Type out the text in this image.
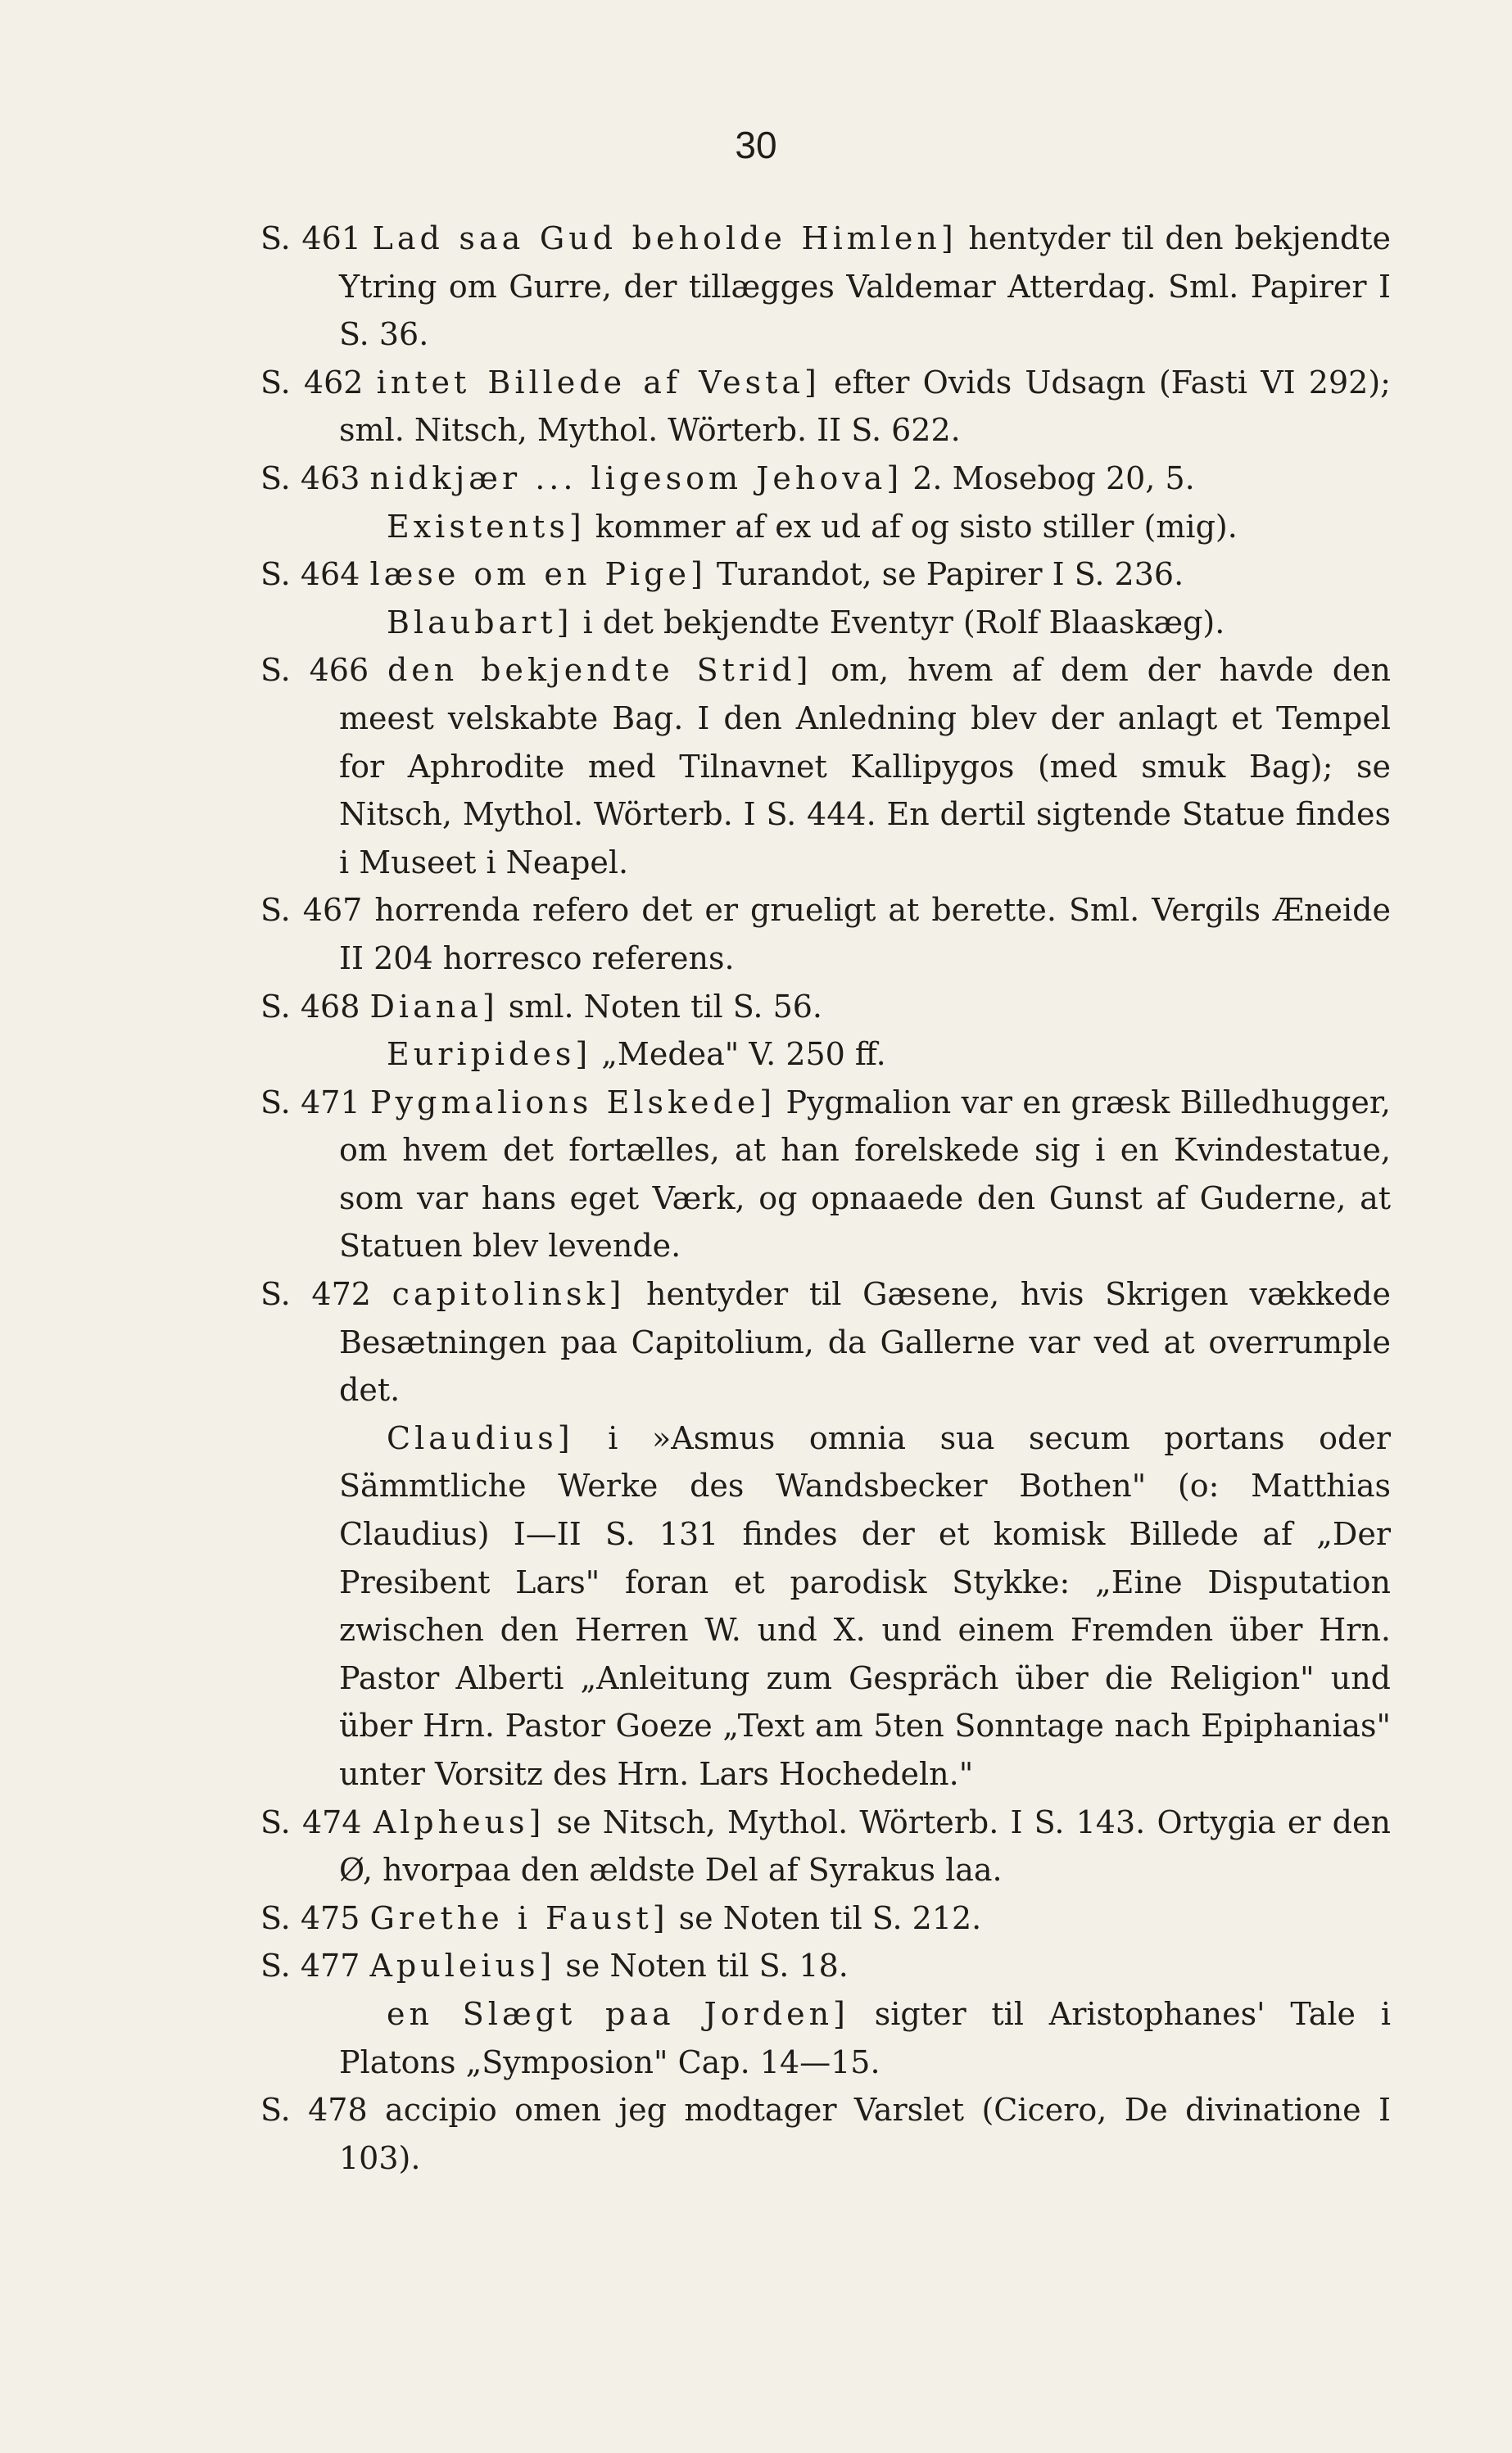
30

S. 461 Lad saa Gud beholde Himlen] hentyder til den bekjendte Ytring om Gurre, der tillægges Valdemar Atterdag. Sml. Papirer I S. 36.

S. 462 intet Billede af Vesta] efter Ovids Udsagn (Fasti VI 292); sml. Nitsch, Mythol. Wörterb. II S. 622.

S. 463 nidkjær ... ligesom Jehova] 2. Mosebog 20, 5.

Existents] kommer af ex ud af og sisto stiller (mig).

S. 464 læse om en Pige] Turandot, se Papirer I S. 236.

Blaubart] i det bekjendte Eventyr (Rolf Blaaskæg).

S. 466 den bekjendte Strid] om, hvem af dem der havde den meest velskabte Bag. I den Anledning blev der anlagt et Tempel for Aphrodite med Tilnavnet Kallipygos (med smuk Bag); se Nitsch, Mythol. Wörterb. I S. 444. En dertil sigtende Statue findes i Museet i Neapel.

S. 467 horrenda refero det er grueligt at berette. Sml. Vergils Æneide II 204 horresco referens.

S. 468 Diana] sml. Noten til S. 56.

Euripides] „Medea" V. 250 ff.

S. 471 Pygmalions Elskede] Pygmalion var en græsk Billedhugger, om hvem det fortælles, at han forelskede sig i en Kvindestatue, som var hans eget Værk, og opnaaede den Gunst af Guderne, at Statuen blev levende.

S. 472 capitolinsk] hentyder til Gæsene, hvis Skrigen vækkede Besætningen paa Capitolium, da Gallerne var ved at overrumple det.

Claudius] i »Asmus omnia sua secum portans oder Sämmtliche Werke des Wandsbecker Bothen" (o: Matthias Claudius) I—II S. 131 findes der et komisk Billede af „Der Presibent Lars" foran et parodisk Stykke: „Eine Disputation zwischen den Herren W. und X. und einem Fremden über Hrn. Pastor Alberti „Anleitung zum Gespräch über die Religion" und über Hrn. Pastor Goeze „Text am 5ten Sonntage nach Epiphanias" unter Vorsitz des Hrn. Lars Hochedeln."

S. 474 Alpheus] se Nitsch, Mythol. Wörterb. I S. 143. Ortygia er den Ø, hvorpaa den ældste Del af Syrakus laa.

S. 475 Grethe i Faust] se Noten til S. 212.

S. 477 Apuleius] se Noten til S. 18.

en Slægt paa Jorden] sigter til Aristophanes' Tale i Platons „Symposion" Cap. 14—15.

S. 478 accipio omen jeg modtager Varslet (Cicero, De divinatione I 103).
